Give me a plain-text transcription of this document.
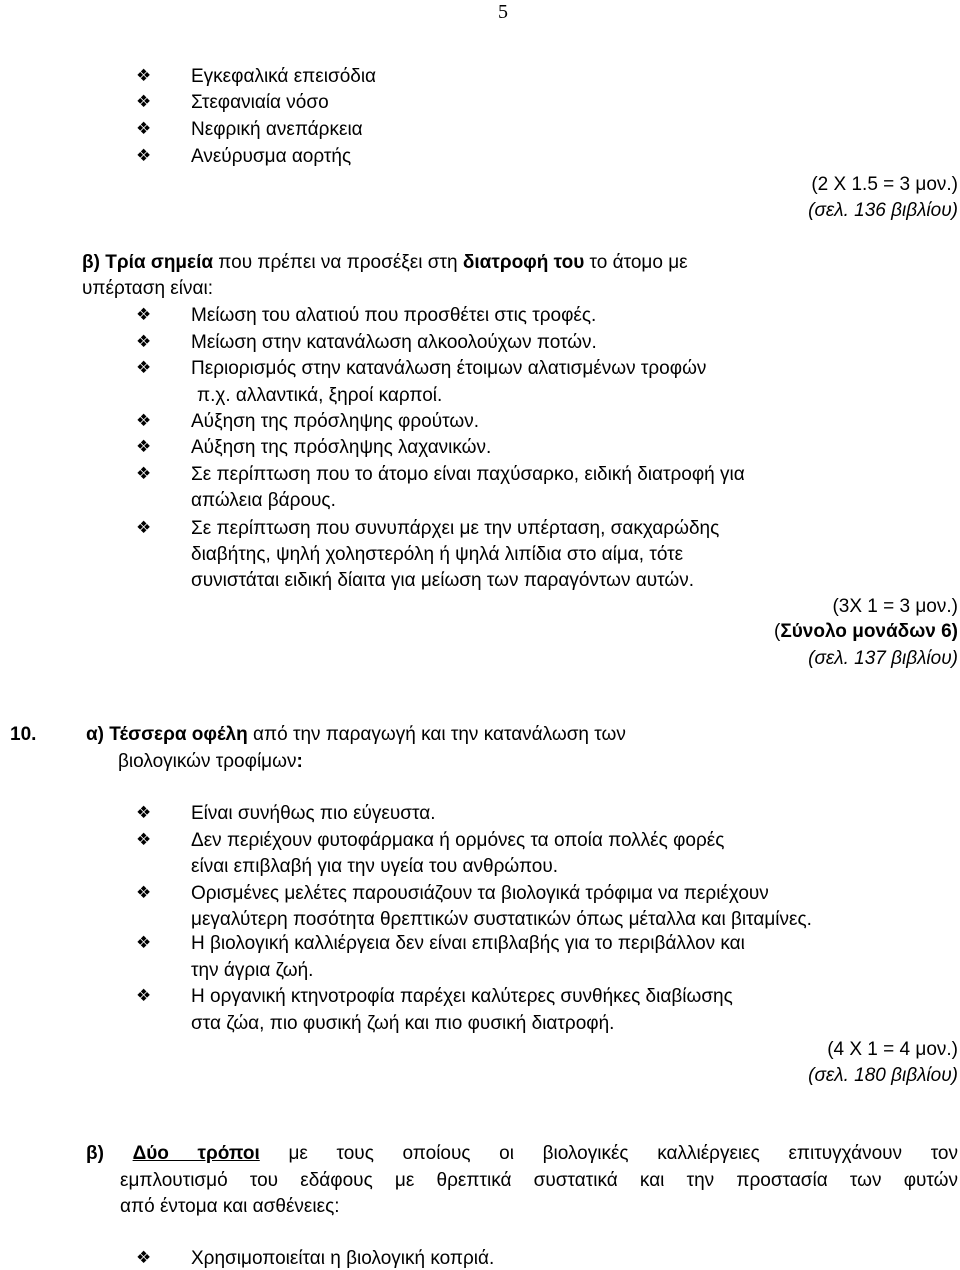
5
❖ Εγκεφαλικά επεισόδια
❖ Στεφανιαία νόσο
❖ Νεφρική ανεπάρκεια
❖ Ανεύρυσμα αορτής
(2 Χ 1.5 = 3 μον.)
(σελ. 136 βιβλίου)
β) Τρία σημεία που πρέπει να προσέξει στη διατροφή του το άτομο με
υπέρταση είναι:
❖ Μείωση του αλατιού που προσθέτει στις τροφές.
❖ Μείωση στην κατανάλωση αλκοολούχων ποτών.
❖ Περιορισμός στην κατανάλωση έτοιμων αλατισμένων τροφών
π.χ. αλλαντικά, ξηροί καρποί.
❖ Αύξηση της πρόσληψης φρούτων.
❖ Αύξηση της πρόσληψης λαχανικών.
❖ Σε περίπτωση που το άτομο είναι παχύσαρκο, ειδική διατροφή για
απώλεια βάρους.
❖ Σε περίπτωση που συνυπάρχει με την υπέρταση, σακχαρώδης
διαβήτης, ψηλή χοληστερόλη ή ψηλά λιπίδια στο αίμα, τότε
συνιστάται ειδική δίαιτα για μείωση των παραγόντων αυτών.
(3Χ 1 = 3 μον.)
(Σύνολο μονάδων 6)
(σελ. 137 βιβλίου)
10.	α) Τέσσερα οφέλη από την παραγωγή και την κατανάλωση των
βιολογικών τροφίμων:
❖ Είναι συνήθως πιο εύγευστα.
❖ Δεν περιέχουν φυτοφάρμακα ή ορμόνες τα οποία πολλές φορές
είναι επιβλαβή για την υγεία του ανθρώπου.
❖ Ορισμένες μελέτες παρουσιάζουν τα βιολογικά τρόφιμα να περιέχουν
μεγαλύτερη ποσότητα θρεπτικών συστατικών όπως μέταλλα και βιταμίνες.
❖ Η βιολογική καλλιέργεια δεν είναι επιβλαβής για το περιβάλλον και
την άγρια ζωή.
❖ Η οργανική κτηνοτροφία παρέχει καλύτερες συνθήκες διαβίωσης
στα ζώα, πιο φυσική ζωή και πιο φυσική διατροφή.
(4 Χ 1 = 4 μον.)
(σελ. 180 βιβλίου)
β) Δύο τρόποι με τους οποίους οι βιολογικές καλλιέργειες επιτυγχάνουν τον
εμπλουτισμό του εδάφους με θρεπτικά συστατικά και την προστασία των φυτών
από έντομα και ασθένειες:
❖ Χρησιμοποιείται η βιολογική κοπριά.
